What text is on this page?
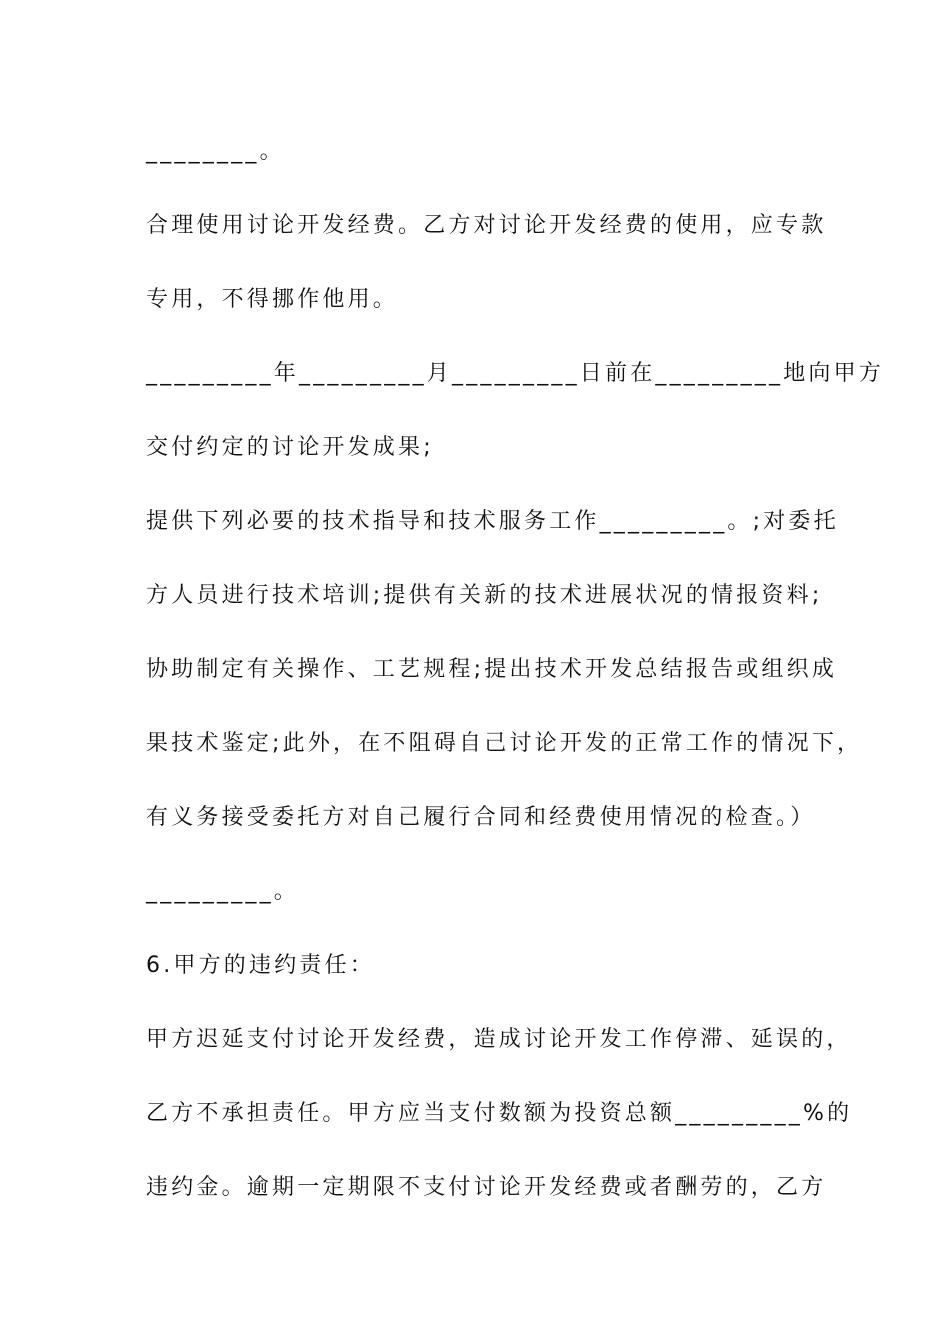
________。
合理使用讨论开发经费。乙方对讨论开发经费的使用，应专款
专用，不得挪作他用。
_________年_________月_________日前在_________地向甲方
交付约定的讨论开发成果;
提供下列必要的技术指导和技术服务工作_________。;对委托
方人员进行技术培训;提供有关新的技术进展状况的情报资料;
协助制定有关操作、工艺规程;提出技术开发总结报告或组织成
果技术鉴定;此外，在不阻碍自己讨论开发的正常工作的情况下，
有义务接受委托方对自己履行合同和经费使用情况的检查。）
_________。
6.甲方的违约责任：
甲方迟延支付讨论开发经费，造成讨论开发工作停滞、延误的，
乙方不承担责任。甲方应当支付数额为投资总额_________%的
违约金。逾期一定期限不支付讨论开发经费或者酬劳的，乙方
